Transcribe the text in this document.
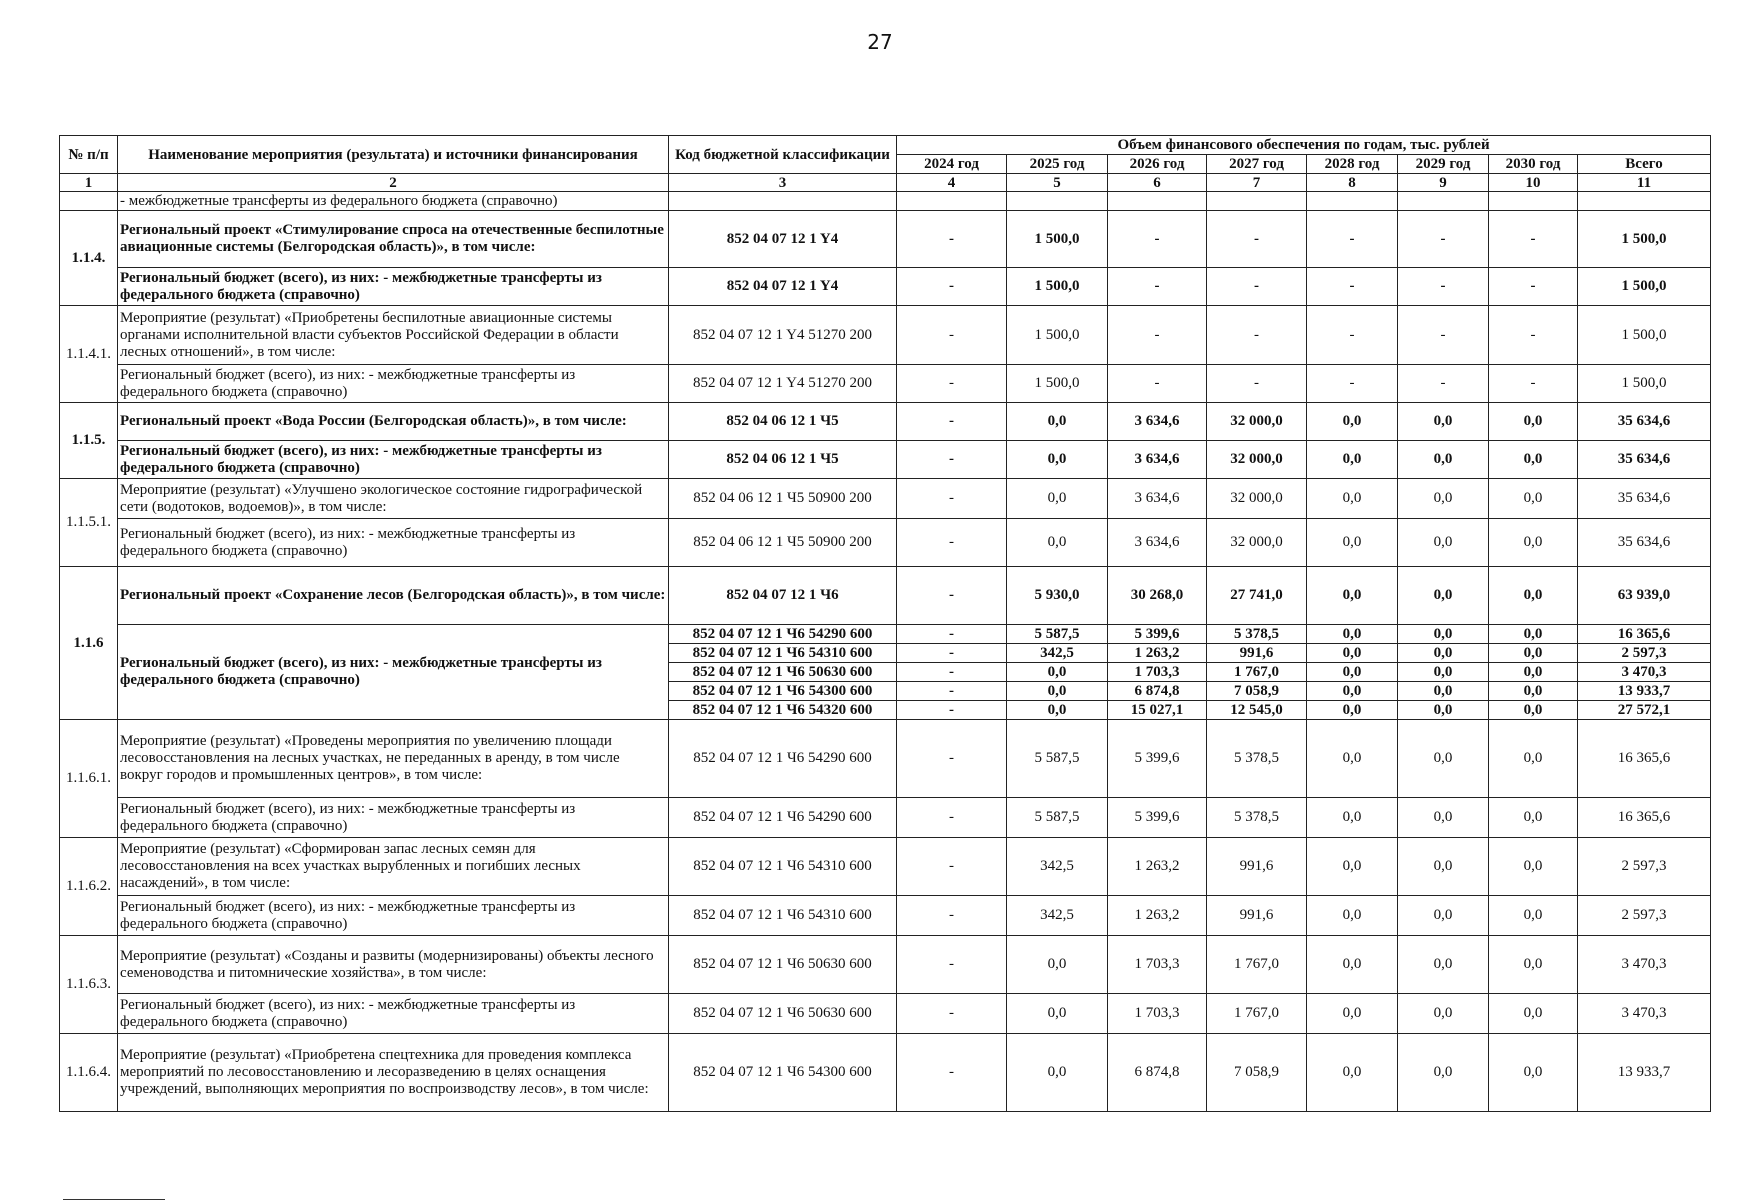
27
№ п/п	Наименование мероприятия (результата) и источники финансирования	Код бюджетной классификации	Объем финансового обеспечения по годам, тыс. рублей							
			2024 год	2025 год	2026 год	2027 год	2028 год	2029 год	2030 год	Всего
1	2	3	4	5	6	7	8	9	10	11
	- межбюджетные трансферты из федерального бюджета (справочно)									
1.1.4.	Региональный проект «Стимулирование спроса на отечественные беспилотные авиационные системы (Белгородская область)», в том числе:	852 04 07 12 1 Y4	-	1 500,0	-	-	-	-	-	1 500,0
	Региональный бюджет (всего), из них: - межбюджетные трансферты из федерального бюджета (справочно)	852 04 07 12 1 Y4	-	1 500,0	-	-	-	-	-	1 500,0
1.1.4.1.	Мероприятие (результат) «Приобретены беспилотные авиационные системы органами исполнительной власти субъектов Российской Федерации в области лесных отношений», в том числе:	852 04 07 12 1 Y4 51270 200	-	1 500,0	-	-	-	-	-	1 500,0
	Региональный бюджет (всего), из них: - межбюджетные трансферты из федерального бюджета (справочно)	852 04 07 12 1 Y4 51270 200	-	1 500,0	-	-	-	-	-	1 500,0
1.1.5.	Региональный проект «Вода России (Белгородская область)», в том числе:	852 04 06 12 1 Ч5	-	0,0	3 634,6	32 000,0	0,0	0,0	0,0	35 634,6
	Региональный бюджет (всего), из них: - межбюджетные трансферты из федерального бюджета (справочно)	852 04 06 12 1 Ч5	-	0,0	3 634,6	32 000,0	0,0	0,0	0,0	35 634,6
1.1.5.1.	Мероприятие (результат) «Улучшено экологическое состояние гидрографической сети (водотоков, водоемов)», в том числе:	852 04 06 12 1 Ч5 50900 200	-	0,0	3 634,6	32 000,0	0,0	0,0	0,0	35 634,6
	Региональный бюджет (всего), из них: - межбюджетные трансферты из федерального бюджета (справочно)	852 04 06 12 1 Ч5 50900 200	-	0,0	3 634,6	32 000,0	0,0	0,0	0,0	35 634,6
1.1.6	Региональный проект «Сохранение лесов (Белгородская область)», в том числе:	852 04 07 12 1 Ч6	-	5 930,0	30 268,0	27 741,0	0,0	0,0	0,0	63 939,0
	Региональный бюджет (всего), из них: - межбюджетные трансферты из федерального бюджета (справочно)	852 04 07 12 1 Ч6 54290 600	-	5 587,5	5 399,6	5 378,5	0,0	0,0	0,0	16 365,6
		852 04 07 12 1 Ч6 54310 600	-	342,5	1 263,2	991,6	0,0	0,0	0,0	2 597,3
		852 04 07 12 1 Ч6 50630 600	-	0,0	1 703,3	1 767,0	0,0	0,0	0,0	3 470,3
		852 04 07 12 1 Ч6 54300 600	-	0,0	6 874,8	7 058,9	0,0	0,0	0,0	13 933,7
		852 04 07 12 1 Ч6 54320 600	-	0,0	15 027,1	12 545,0	0,0	0,0	0,0	27 572,1
1.1.6.1.	Мероприятие (результат) «Проведены мероприятия по увеличению площади лесовосстановления на лесных участках, не переданных в аренду, в том числе вокруг городов и промышленных центров», в том числе:	852 04 07 12 1 Ч6 54290 600	-	5 587,5	5 399,6	5 378,5	0,0	0,0	0,0	16 365,6
	Региональный бюджет (всего), из них: - межбюджетные трансферты из федерального бюджета (справочно)	852 04 07 12 1 Ч6 54290 600	-	5 587,5	5 399,6	5 378,5	0,0	0,0	0,0	16 365,6
1.1.6.2.	Мероприятие (результат) «Сформирован запас лесных семян для лесовосстановления на всех участках вырубленных и погибших лесных насаждений», в том числе:	852 04 07 12 1 Ч6 54310 600	-	342,5	1 263,2	991,6	0,0	0,0	0,0	2 597,3
	Региональный бюджет (всего), из них: - межбюджетные трансферты из федерального бюджета (справочно)	852 04 07 12 1 Ч6 54310 600	-	342,5	1 263,2	991,6	0,0	0,0	0,0	2 597,3
1.1.6.3.	Мероприятие (результат) «Созданы и развиты (модернизированы) объекты лесного семеноводства и питомнические хозяйства», в том числе:	852 04 07 12 1 Ч6 50630 600	-	0,0	1 703,3	1 767,0	0,0	0,0	0,0	3 470,3
	Региональный бюджет (всего), из них: - межбюджетные трансферты из федерального бюджета (справочно)	852 04 07 12 1 Ч6 50630 600	-	0,0	1 703,3	1 767,0	0,0	0,0	0,0	3 470,3
1.1.6.4.	Мероприятие (результат) «Приобретена спецтехника для проведения комплекса мероприятий по лесовосстановлению и лесоразведению в целях оснащения учреждений, выполняющих мероприятия по воспроизводству лесов», в том числе:	852 04 07 12 1 Ч6 54300 600	-	0,0	6 874,8	7 058,9	0,0	0,0	0,0	13 933,7
